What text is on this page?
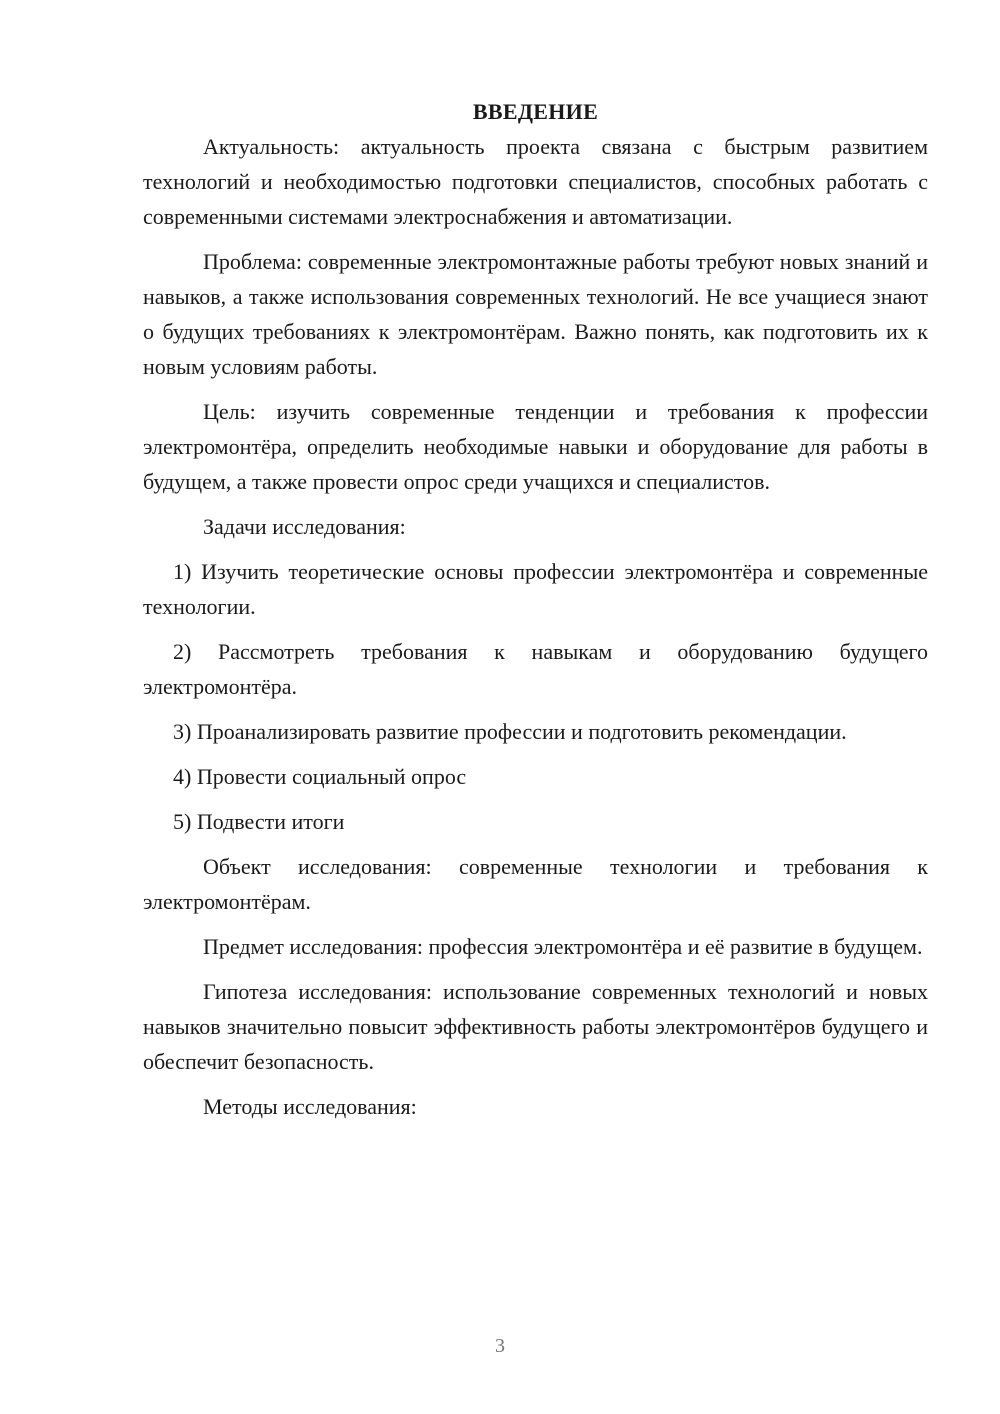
ВВЕДЕНИЕ

Актуальность: актуальность проекта связана с быстрым развитием технологий и необходимостью подготовки специалистов, способных работать с современными системами электроснабжения и автоматизации.

Проблема: современные электромонтажные работы требуют новых знаний и навыков, а также использования современных технологий. Не все учащиеся знают о будущих требованиях к электромонтёрам. Важно понять, как подготовить их к новым условиям работы.

Цель: изучить современные тенденции и требования к профессии электромонтёра, определить необходимые навыки и оборудование для работы в будущем, а также провести опрос среди учащихся и специалистов.

Задачи исследования:

1) Изучить теоретические основы профессии электромонтёра и современные технологии.

2) Рассмотреть требования к навыкам и оборудованию будущего электромонтёра.

3) Проанализировать развитие профессии и подготовить рекомендации.

4) Провести социальный опрос

5) Подвести итоги

Объект исследования: современные технологии и требования к электромонтёрам.

Предмет исследования: профессия электромонтёра и её развитие в будущем.

Гипотеза исследования: использование современных технологий и новых навыков значительно повысит эффективность работы электромонтёров будущего и обеспечит безопасность.

Методы исследования:

3
